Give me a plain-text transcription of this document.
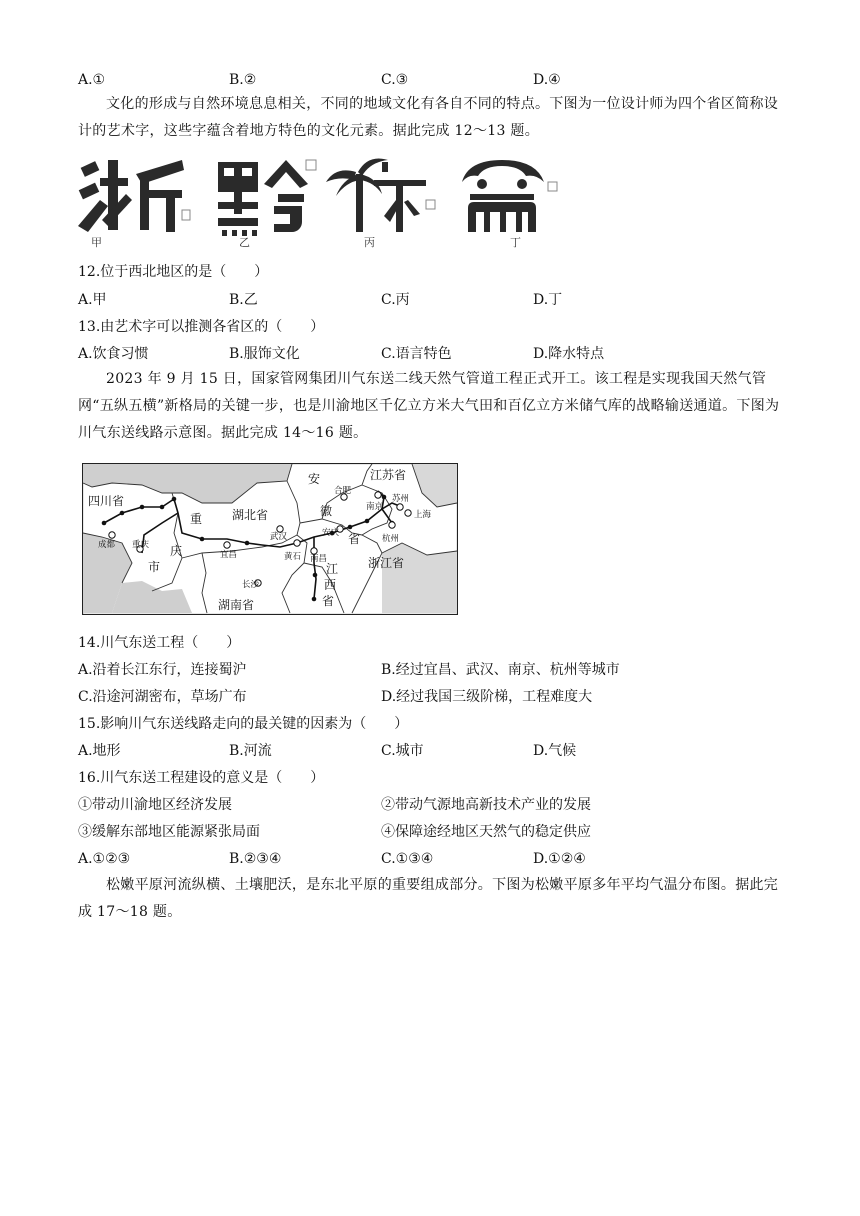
A.①	B.②	C.③	D.④
文化的形成与自然环境息息相关，不同的地域文化有各自不同的特点。下图为一位设计师为四个省区简称设计的艺术字，这些字蕴含着地方特色的文化元素。据此完成 12～13 题。
甲	乙	丙	丁
12.位于西北地区的是（　　）
A.甲	B.乙	C.丙	D.丁
13.由艺术字可以推测各省区的（　　）
A.饮食习惯	B.服饰文化	C.语言特色	D.降水特点
2023 年 9 月 15 日，国家管网集团川气东送二线天然气管道工程正式开工。该工程是实现我国天然气管网“五纵五横”新格局的关键一步，也是川渝地区千亿立方米大气田和百亿立方米储气库的战略输送通道。下图为川气东送线路示意图。据此完成 14～16 题。
四川省
重
庆
市
湖北省
安
徽
省
江苏省
浙江省
江
西
省
湖南省
成都 重庆
宜昌
武汉
黄石 南昌
长沙
合肥
安庆
南京
苏州
上海
杭州
14.川气东送工程（　　）
A.沿着长江东行，连接蜀沪	B.经过宜昌、武汉、南京、杭州等城市
C.沿途河湖密布，草场广布	D.经过我国三级阶梯，工程难度大
15.影响川气东送线路走向的最关键的因素为（　　）
A.地形	B.河流	C.城市	D.气候
16.川气东送工程建设的意义是（　　）
①带动川渝地区经济发展	②带动气源地高新技术产业的发展
③缓解东部地区能源紧张局面	④保障途经地区天然气的稳定供应
A.①②③	B.②③④	C.①③④	D.①②④
松嫩平原河流纵横、土壤肥沃，是东北平原的重要组成部分。下图为松嫩平原多年平均气温分布图。据此完成 17～18 题。
